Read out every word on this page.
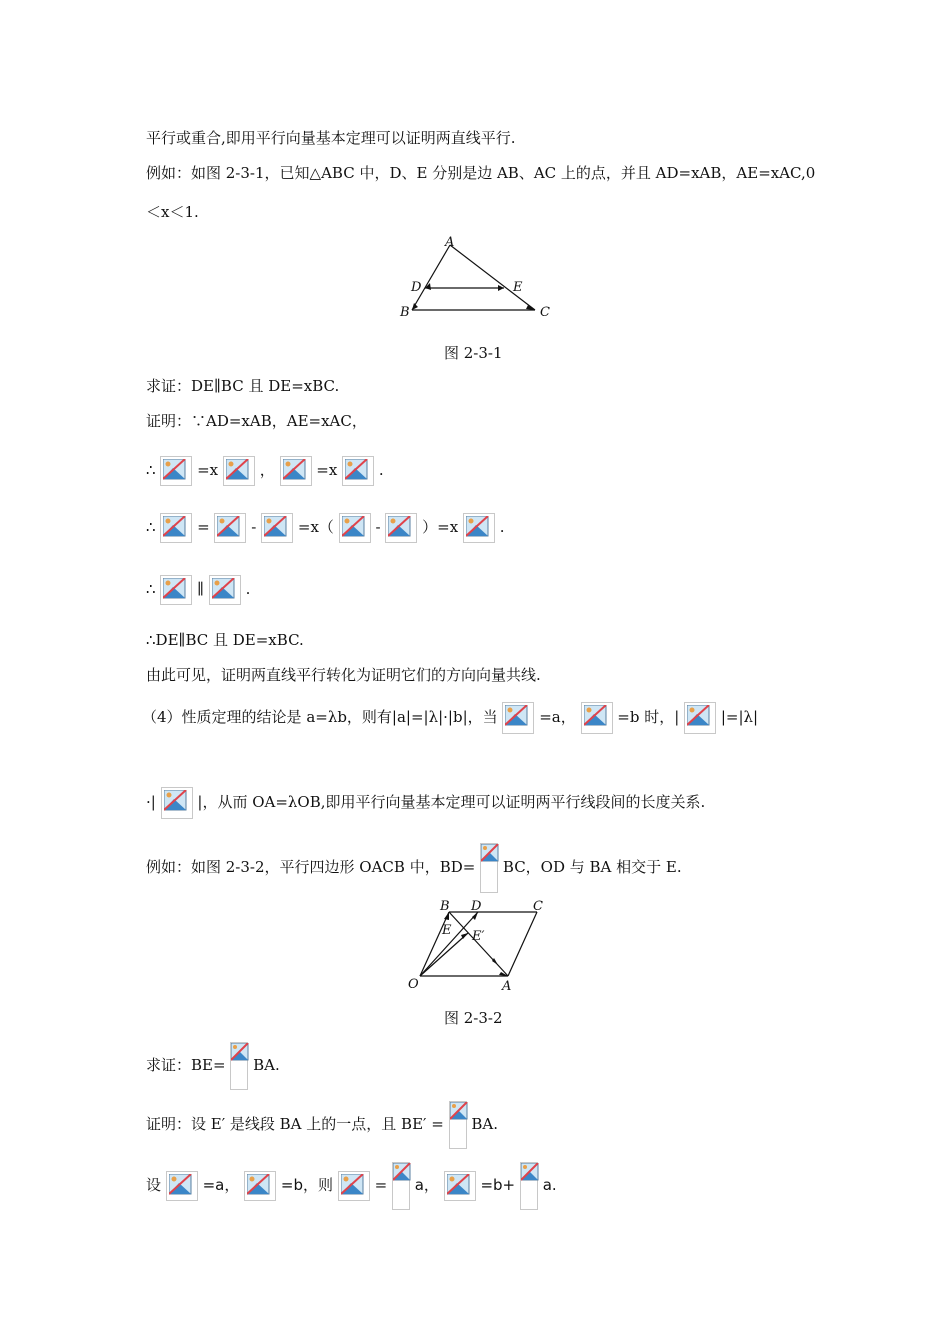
平行或重合,即用平行向量基本定理可以证明两直线平行.
例如：如图 2-3-1，已知△ABC 中，D、E 分别是边 AB、AC 上的点，并且 AD=xAB，AE=xAC,0
＜x＜1.
A
D	E
B	C
图 2-3-1
求证：DE∥BC 且 DE=xBC.
证明：∵AD=xAB，AE=xAC，
∴	=x	，	=x	.
∴	=	-	=x（	-	）=x	.
∴	∥	.
∴DE∥BC 且 DE=xBC.
由此可见，证明两直线平行转化为证明它们的方向向量共线.
（4）性质定理的结论是 a=λb，则有|a|=|λ|·|b|，当	=a，	=b 时，|	|=|λ|
·|	|，从而 OA=λOB,即用平行向量基本定理可以证明两平行线段间的长度关系.
例如：如图 2-3-2，平行四边形 OACB 中，BD= BC，OD 与 BA 相交于 E.
B D	C
E E′
O	A
图 2-3-2
求证：BE= BA.
证明：设 E′ 是线段 BA 上的一点，且 BE′ = BA.
设	=a，	=b，则	= a，	=b+ a.
